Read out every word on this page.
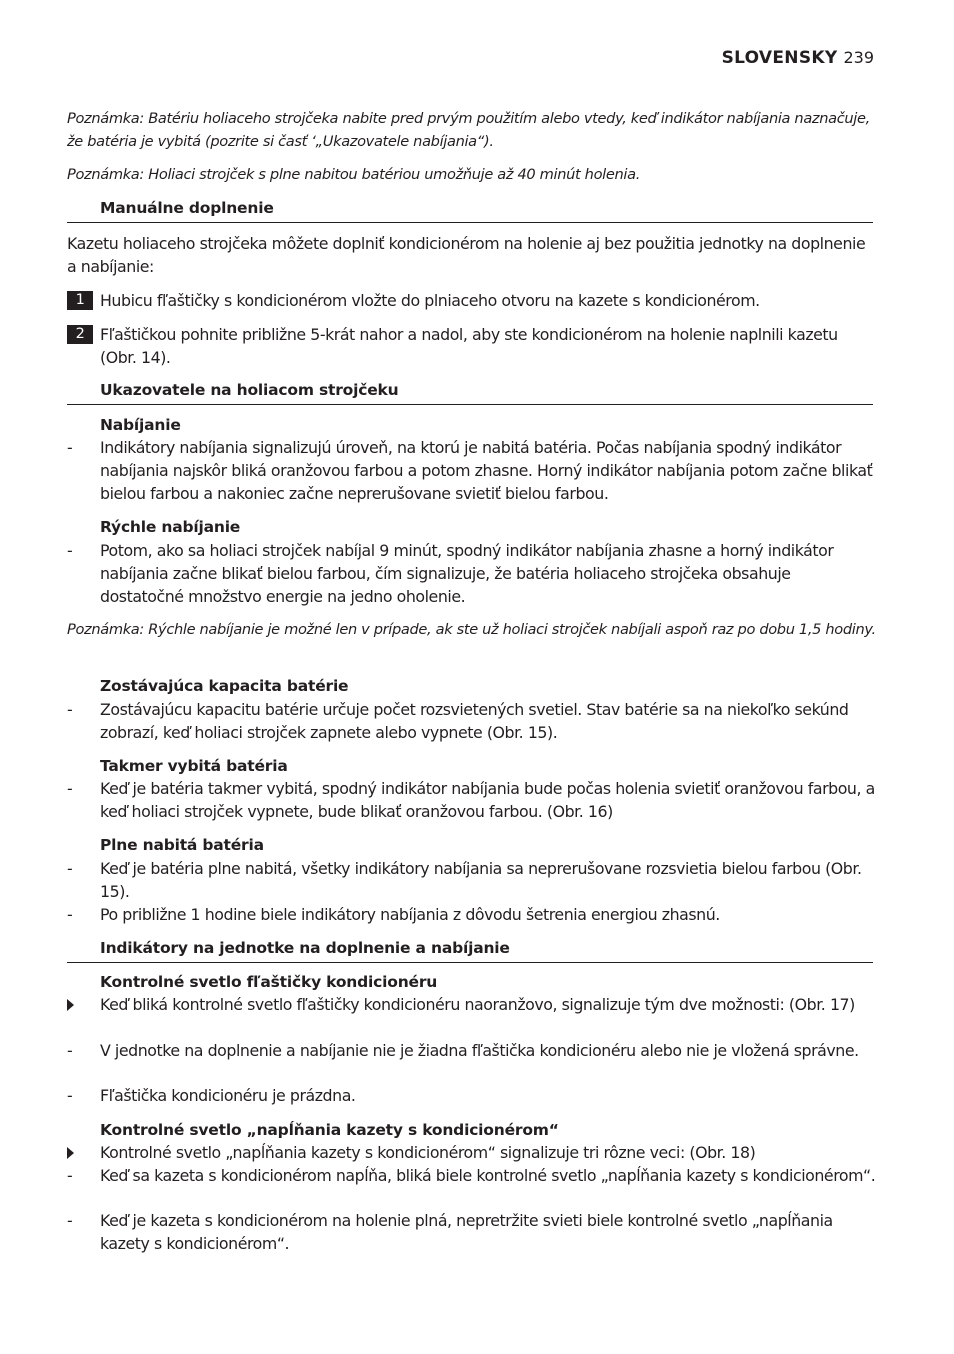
SLOVENSKY 239
Poznámka: Batériu holiaceho strojčeka nabite pred prvým použitím alebo vtedy, keď indikátor nabíjania naznačuje, že batéria je vybitá (pozrite si časť ‘„Ukazovatele nabíjania“).
Poznámka: Holiaci strojček s plne nabitou batériou umožňuje až 40 minút holenia.
Manuálne doplnenie
Kazetu holiaceho strojčeka môžete doplniť kondicionérom na holenie aj bez použitia jednotky na doplnenie a nabíjanie:
1 Hubicu fľaštičky s kondicionérom vložte do plniaceho otvoru na kazete s kondicionérom.
2 Fľaštičkou pohnite približne 5-krát nahor a nadol, aby ste kondicionérom na holenie naplnili kazetu (Obr. 14).
Ukazovatele na holiacom strojčeku
Nabíjanie
-	Indikátory nabíjania signalizujú úroveň, na ktorú je nabitá batéria. Počas nabíjania spodný indikátor nabíjania najskôr bliká oranžovou farbou a potom zhasne. Horný indikátor nabíjania potom začne blikať bielou farbou a nakoniec začne neprerušovane svietiť bielou farbou.
Rýchle nabíjanie
-	Potom, ako sa holiaci strojček nabíjal 9 minút, spodný indikátor nabíjania zhasne a horný indikátor nabíjania začne blikať bielou farbou, čím signalizuje, že batéria holiaceho strojčeka obsahuje dostatočné množstvo energie na jedno oholenie.
Poznámka: Rýchle nabíjanie je možné len v prípade, ak ste už holiaci strojček nabíjali aspoň raz po dobu 1,5 hodiny.
Zostávajúca kapacita batérie
-	Zostávajúcu kapacitu batérie určuje počet rozsvietených svetiel. Stav batérie sa na niekoľko sekúnd zobrazí, keď holiaci strojček zapnete alebo vypnete (Obr. 15).
Takmer vybitá batéria
-	Keď je batéria takmer vybitá, spodný indikátor nabíjania bude počas holenia svietiť oranžovou farbou, a keď holiaci strojček vypnete, bude blikať oranžovou farbou. (Obr. 16)
Plne nabitá batéria
-	Keď je batéria plne nabitá, všetky indikátory nabíjania sa neprerušovane rozsvietia bielou farbou (Obr. 15).
-	Po približne 1 hodine biele indikátory nabíjania z dôvodu šetrenia energiou zhasnú.
Indikátory na jednotke na doplnenie a nabíjanie
Kontrolné svetlo fľaštičky kondicionéru
Keď bliká kontrolné svetlo fľaštičky kondicionéru naoranžovo, signalizuje tým dve možnosti: (Obr. 17)
-	V jednotke na doplnenie a nabíjanie nie je žiadna fľaštička kondicionéru alebo nie je vložená správne.
-	Fľaštička kondicionéru je prázdna.
Kontrolné svetlo „napĺňania kazety s kondicionérom“
Kontrolné svetlo „napĺňania kazety s kondicionérom“ signalizuje tri rôzne veci: (Obr. 18)
-	Keď sa kazeta s kondicionérom napĺňa, bliká biele kontrolné svetlo „napĺňania kazety s kondicionérom“.
-	Keď je kazeta s kondicionérom na holenie plná, nepretržite svieti biele kontrolné svetlo „napĺňania kazety s kondicionérom“.
